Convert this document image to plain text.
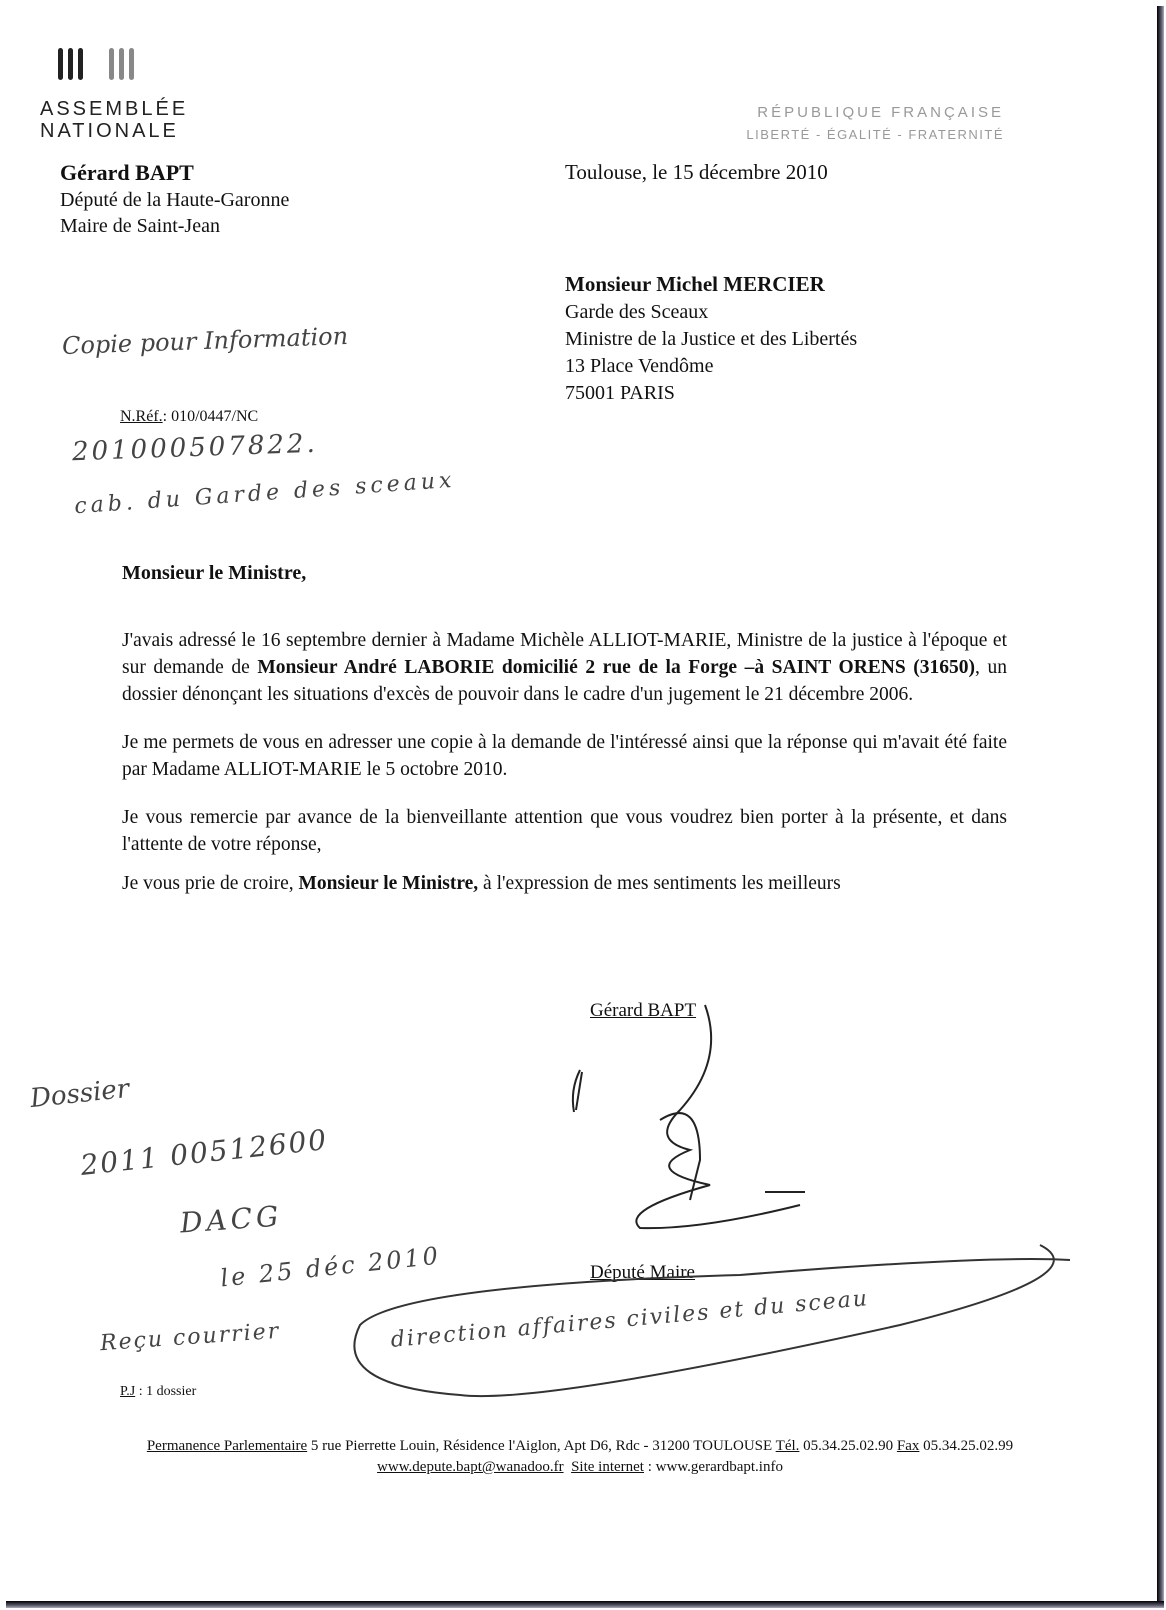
ASSEMBLÉE
NATIONALE
RÉPUBLIQUE FRANÇAISE
LIBERTÉ - ÉGALITÉ - FRATERNITÉ
Gérard BAPT
Député de la Haute-Garonne
Maire de Saint-Jean
Toulouse, le 15 décembre 2010
Monsieur Michel MERCIER
Garde des Sceaux
Ministre de la Justice et des Libertés
13 Place Vendôme
75001 PARIS
Copie pour Information
N.Réf.: 010/0447/NC
201000507822.
cab. du Garde des sceaux
Monsieur le Ministre,

J'avais adressé le 16 septembre dernier à Madame Michèle ALLIOT-MARIE, Ministre de la justice à l'époque et sur demande de Monsieur André LABORIE domicilié 2 rue de la Forge –à SAINT ORENS (31650), un dossier dénonçant les situations d'excès de pouvoir dans le cadre d'un jugement le 21 décembre 2006.

Je me permets de vous en adresser une copie à la demande de l'intéressé ainsi que la réponse qui m'avait été faite par Madame ALLIOT-MARIE le 5 octobre 2010.

Je vous remercie par avance de la bienveillante attention que vous voudrez bien porter à la présente, et dans l'attente de votre réponse,

Je vous prie de croire, Monsieur le Ministre, à l'expression de mes sentiments les meilleurs

Gérard BAPT
Député Maire
Dossier
2011 00512600
DACG
le 25 déc 2010
Reçu courrier	direction affaires civiles et du sceau
P.J : 1 dossier
Permanence Parlementaire 5 rue Pierrette Louin, Résidence l'Aiglon, Apt D6, Rdc - 31200 TOULOUSE Tél. 05.34.25.02.90 Fax 05.34.25.02.99
www.depute.bapt@wanadoo.fr Site internet : www.gerardbapt.info
